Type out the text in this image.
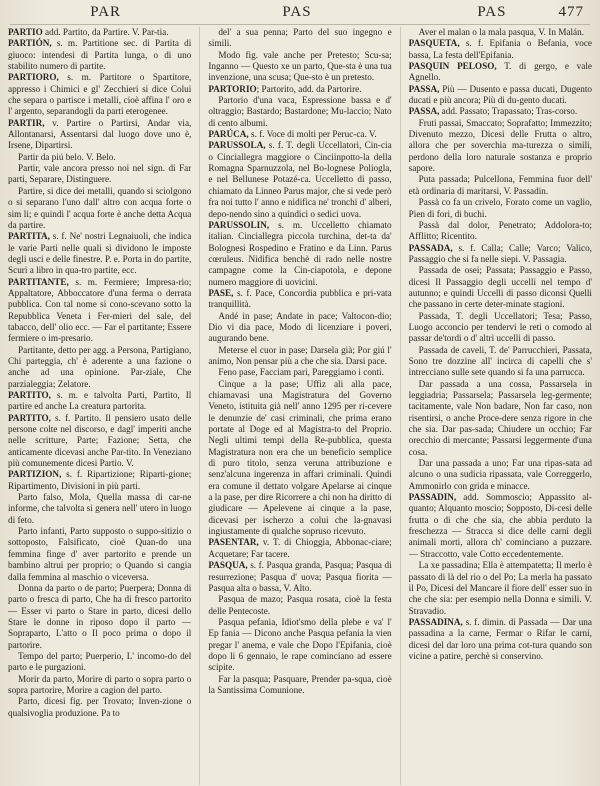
PAR	PAS	PAS	477

PARTIO add. Partito, da Partire. V. Par-tia.

PARTIÓN, s. m. Partitione sec. di Partita di giuoco: intendesi di Partita lunga, o di uno stabilito numero di partite.

PARTIORO, s. m. Partitore o Spartitore, appresso i Chimici e gl' Zecchieri si dice Colui che separa o partisce i metalli, cioè affina l' oro e l' argento, separandogli da parti eterogenee.

PARTIR, v. Partire o Partirsi, Andar via, Allontanarsi, Assentarsi dal luogo dove uno è, Irsene, Dipartirsi.

Partir da piú belo. V. Belo.

Partir, vale ancora presso noi nel sign. di Far parti, Separare, Distinguere.

Partire, si dice dei metalli, quando si sciolgono o si separano l'uno dall' altro con acqua forte o sim li; e quindi l' acqua forte è anche detta Acqua da partire.

PARTITA, s. f. Ne' nostri Legnaiuoli, che indica le varie Parti nelle quali si dividono le imposte degli usci e delle finestre. P. e. Porta in do partite, Scuri a libro in qua-tro partite, ecc.

PARTITANTE, s. m. Fermiere; Impresa-rio; Appaltatore, Abboccatore d'una ferma o derrata pubblica. Con tal nome si cono-scevano sotto la Repubblica Veneta i Fer-mieri del sale, del tabacco, dell' olio ecc. — Far el partitante; Essere fermiere o im-presario.

Partitante, detto per agg. a Persona, Partigiano, Chi parteggia, ch' è aderente a una fazione o anche ad una opinione. Par-ziale, Che parzialeggia; Zelatore.

PARTITO, s. m. e talvolta Parti, Partito, Il partire ed anche La creatura partorita.

PARTITO, s. f. Partito. Il pensiero usato delle persone colte nel discorso, e dagl' imperiti anche nelle scritture, Parte; Fazione; Setta, che anticamente dicevasi anche Par-tito. In Veneziano più comunemente dicesi Partio. V.

PARTIZION, s. f. Ripartizione; Riparti-gione; Ripartimento, Divisioni in più parti.

Parto falso, Mola, Quella massa di car-ne informe, che talvolta si genera nell' utero in luogo di feto.

Parto infanti, Parto supposto o suppo-sitizio o sottoposto, Falsificato, cioè Quan-do una femmina finge d' aver partorito e prende un bambino altrui per proprio; o Quando si cangia dalla femmina al maschio o viceversa.

Donna da parto o de parto; Puerpera; Donna di parto o fresca di parto, Che ha di fresco partorito — Esser vi parto o Stare in parto, dicesi dello Stare le donne in riposo dopo il parto — Sopraparto, L'atto o Il poco prima o dopo il partorire.

Tempo del parto; Puerperio, L' incomo-do del parto e le purgazioni.

Morir da parto, Morire di parto o sopra parto o sopra partorire, Morire a cagion del parto.

Parto, dicesi fig. per Trovato; Inven-zione o qualsivoglia produzione. Pa to

del' a sua penna; Parto del suo ingegno e simili.

Modo fig. vale anche per Pretesto; Scu-sa; Inganno — Questo xe un parto, Que-sta è una tua invenzione, una scusa; Que-sto è un pretesto.

PARTORIO; Partorito, add. da Partorire.

Partorio d'una vaca, Espressione bassa e d' oltraggio; Bastardo; Bastardone; Mu-laccio; Nato di cento albumi.

PARÚCA, s. f. Voce di molti per Peruc-ca. V.

PARUSSOLA, s. f. T. degli Uccellatori, Cin-cia o Cinciallegra maggiore o Cinciinpotto-la della Romagna Sparnuzzola, nel Bo-lognese Poliogla, e nel Bellunese Potazé-ca. Uccelletto di passo, chiamato da Linneo Parus major, che si vede però fra noi tutto l' anno e nidifica ne' tronchi d' alberi, depo-nendo sino a quindici o sedici uova.

PARUSSOLIN, s. m. Uccelletto chiamato italian. Cinciallegra piccola turchina, det-ta da' Bolognesi Rospedino e Fratino e da Linn. Parus cœruleus. Nidifica benchè di rado nelle nostre campagne come la Cin-ciapotola, e depone numero maggiore di uovicini.

PASE, s. f. Pace, Concordia pubblica e pri-vata tranquillità.

Andé in pase; Andate in pace; Valtocon-dio; Dio vi dia pace, Modo di licenziare i poveri, augurando bene.

Meterse el cuor in pase; Darsela già; Por giú l' animo, Non pensar più a che che sia. Darsi pace.

Feno pase, Facciam pari, Pareggiamo i conti.

Cinque a la pase; Uffiz ali alla pace, chiamavasi una Magistratura del Governo Veneto, istituita già nell' anno 1295 per ri-cevere le denunzie de' casi criminali, che prima erano portate al Doge ed al Magistra-to del Proprio. Negli ultimi tempi della Re-pubblica, questa Magistratura non era che un beneficio semplice di puro titolo, senza veruna attribuzione e senz'alcuna ingerenza in affari criminali. Quindi era comune il dettato volgare Apelarse ai cinque a la pase, per dire Ricorrere a chi non ha diritto di giudicare — Apelevene ai cinque a la pase, dicevasi per ischerzo a colui che la-gnavasi ingiustamente di qualche sopruso ricevuto.

PASENTAR, v. T. di Chioggia, Abbonac-ciare; Acquetare; Far tacere.

PASQUA, s. f. Pasqua granda, Pasqua; Pasqua di resurrezione; Pasqua d' uova; Pasqua fiorita — Pasqua alta o bassa, V. Alto.

Pasqua de mazo; Pasqua rosata, cioè la festa delle Pentecoste.

Pasqua pefania, Idiot'smo della plebe e va' l' Ep fania — Dicono anche Pasqua pefania la vien pregar l' anema, e vale che Dopo l'Epifania, cioè dopo li 6 gennaio, le rape cominciano ad essere scipite.

Far la pasqua; Pasquare, Prender pa-squa, cioè la Santissima Comunione.

Aver el malan o la mala pasqua, V. In Malán.

PASQUETA, s. f. Epifania o Befania, voce bassa, La festa dell'Epifania.

PASQUIN PELOSO, T. di gergo, e vale Agnello.

PASSA, Più — Dusento e passa ducati, Dugento ducati e più ancora; Più di du-gento ducati.

PASSA, add. Passato; Trapassato; Tras-corso.

Fruti passai, Smaccato; Soprafatto; Immezzito; Divenuto mezzo, Dicesi delle Frutta o altro, allora che per soverchia ma-turezza o simili, perdono della loro naturale sostanza e proprio sapore.

Puta passada; Pulcellona, Femmina fuor dell' età ordinaria di maritarsi, V. Passadin.

Passà co fa un crivelo, Forato come un vaglio, Pien di fori, di buchi.

Passà dal dolor, Penetrato; Addolora-to; Afflitto; Ricentito.

PASSADA, s. f. Calla; Calle; Varco; Valico, Passaggio che si fa nelle siepi. V. Passagia.

Passada de osei; Passata; Passaggio e Passo, dicesi Il Passaggio degli uccelli nel tempo d' autunno; e quindi Uccelli di passo diconsi Quelli che passano in certe deter-minate stagioni.

Passada, T. degli Uccellatori; Tesa; Passo, Luogo acconcio per tendervi le reti o comodo al passar de'tordi o d' altri uccelli di passo.

Passada de caveli, T. de' Parrucchieri, Passata, Sono tre dozzine all' incirca di capelli che s' intrecciano sulle sete quando si fa una parrucca.

Dar passada a una cossa, Passarsela in leggiadria; Passarsela; Passarsela leg-germente; tacitamente, vale Non badare, Non far caso, non risentirsi, o anche Proce-dere senza rigore in che che sia. Dar pas-sada; Chiudere un occhio; Far orecchio di mercante; Passarsi leggermente d'una cosa.

Dar una passada a uno; Far una ripas-sata ad alcuno o una sudicia ripassata, vale Correggerlo, Ammonirlo con grida e minacce.

PASSADIN, add. Sommoscio; Appassito al-quanto; Alquanto moscio; Sopposto, Di-cesi delle frutta o di che che sia, che abbia perduto la freschezza — Stracca si dice delle carni degli animali morti, allora ch' cominciano a puzzare. — Straccotto, vale Cotto eccedentemente.

La xe passadina; Ella è attempatetta; Il merlo è passato di là del rio o del Po; La merla ha passato il Po, Dicesi del Mancare il fiore dell' esser suo in che che sia: per esempio nella Donna e simili. V. Stravadio.

PASSADINA, s. f. dimin. di Passada — Dar una passadina a la carne, Fermar o Rifar le carni, dicesi del dar loro una prima cot-tura quando son vicine a patire, perchè si conservino.
